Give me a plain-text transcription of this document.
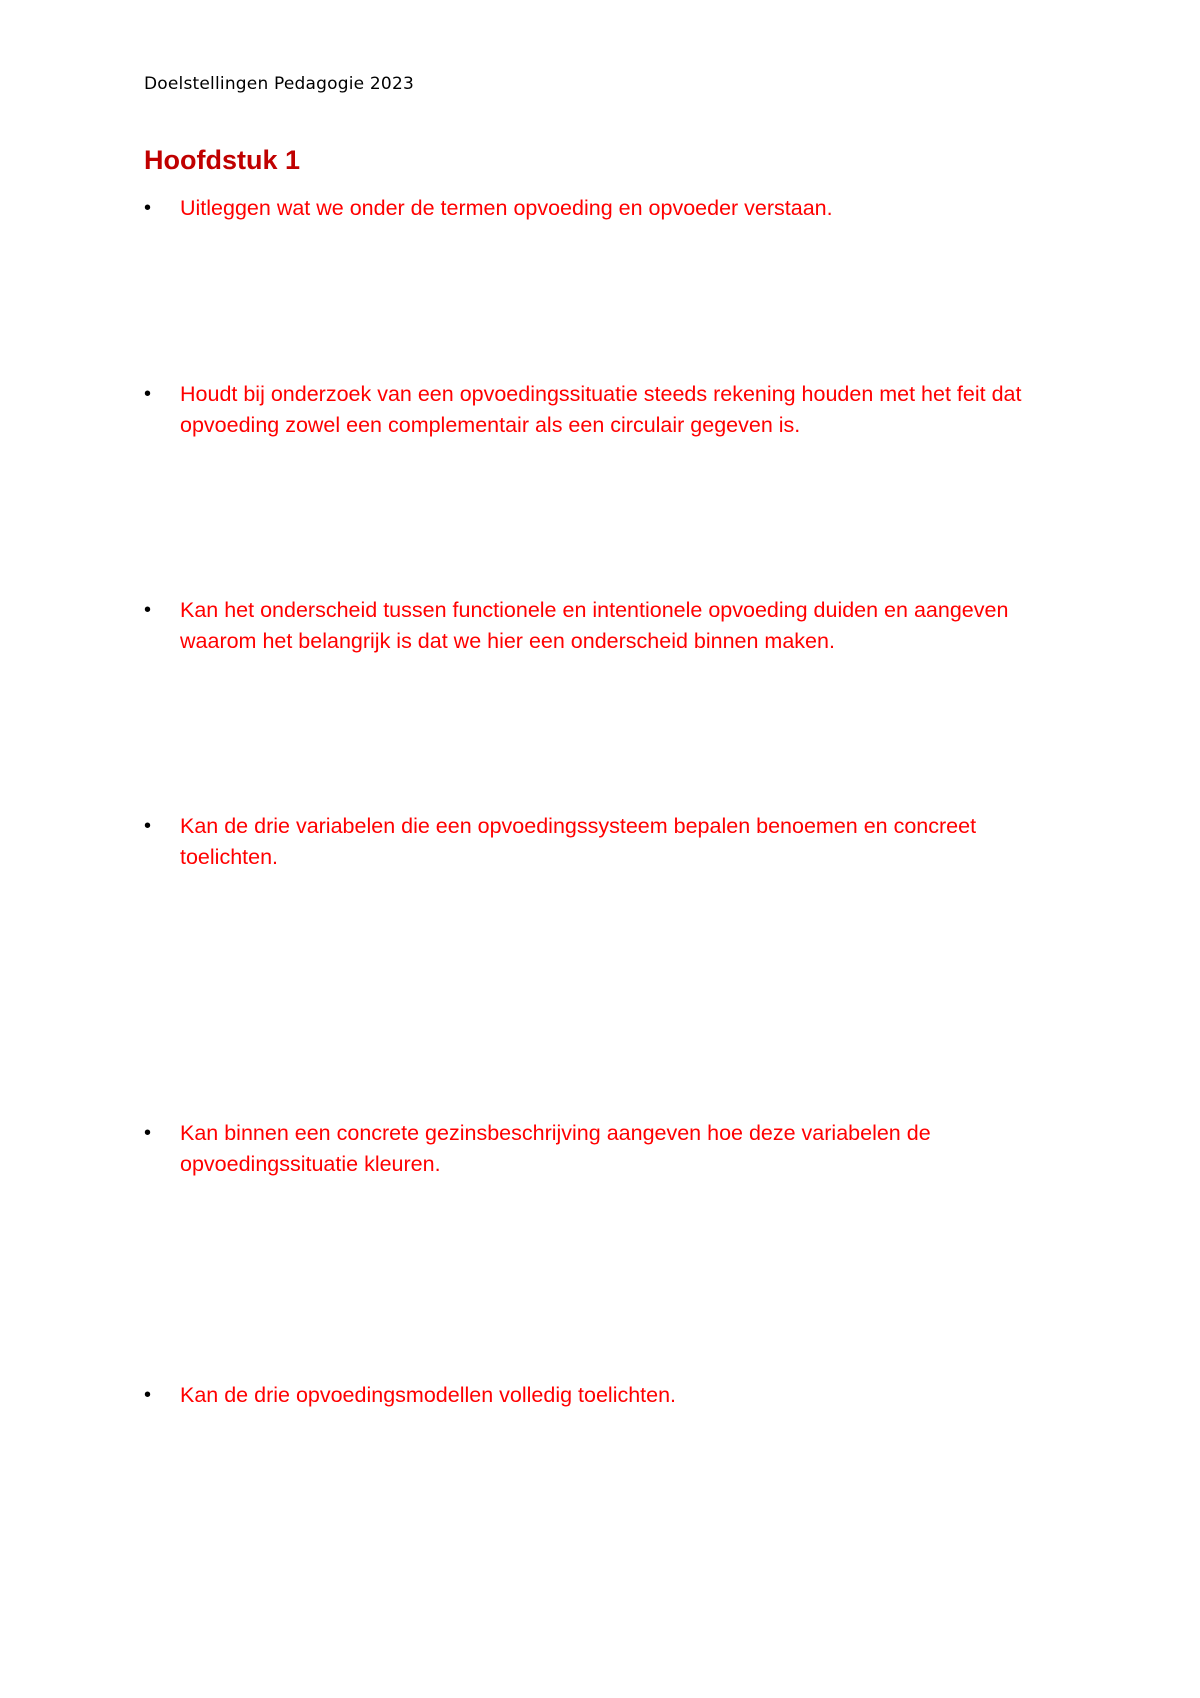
Doelstellingen Pedagogie 2023
Hoofdstuk 1
•	Uitleggen wat we onder de termen opvoeding en opvoeder verstaan.
•	Houdt bij onderzoek van een opvoedingssituatie steeds rekening houden met het feit dat opvoeding zowel een complementair als een circulair gegeven is.
•	Kan het onderscheid tussen functionele en intentionele opvoeding duiden en aangeven waarom het belangrijk is dat we hier een onderscheid binnen maken.
•	Kan de drie variabelen die een opvoedingssysteem bepalen benoemen en concreet toelichten.
•	Kan binnen een concrete gezinsbeschrijving aangeven hoe deze variabelen de opvoedingssituatie kleuren.
•	Kan de drie opvoedingsmodellen volledig toelichten.
